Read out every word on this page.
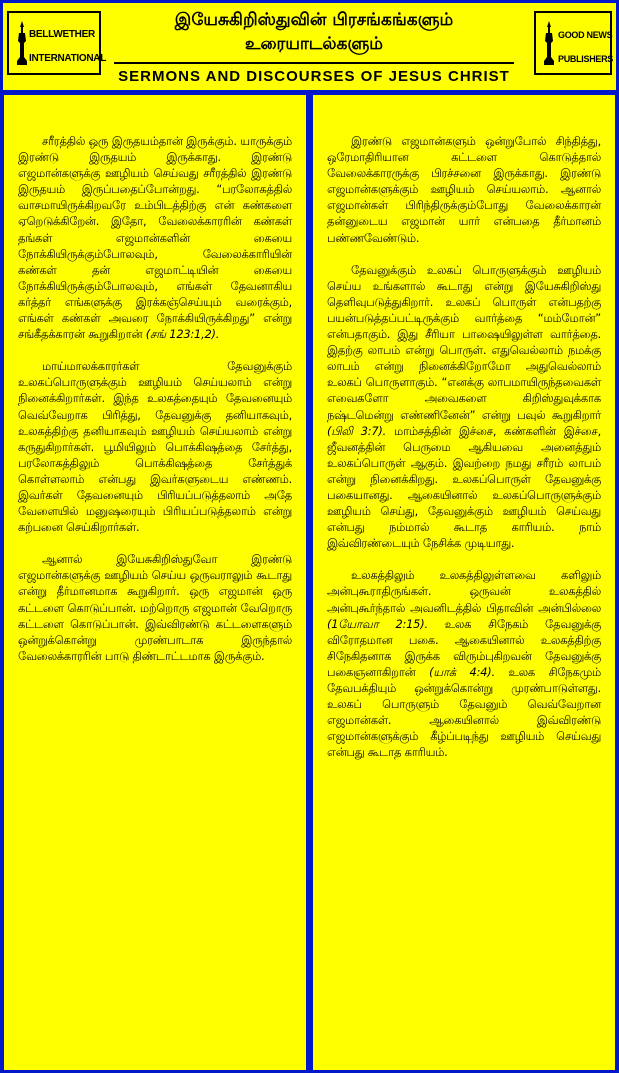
BELLWETHER
INTERNATIONAL

இயேசுகிறிஸ்துவின் பிரசங்கங்களும்

உரையாடல்களும்

SERMONS AND DISCOURSES OF JESUS CHRIST
GOOD NEWS
PUBLISHERS

சரீரத்தில் ஒரு இருதயம்தான் இருக்கும். யாருக்கும் இரண்டு இருதயம் இருக்காது. இரண்டு எஜமான்களுக்கு ஊழியம் செய்வது சரீரத்தில் இரண்டு இருதயம் இருப்பதைப்போன்றது. “பரலோகத்தில் வாசமாயிருக்கிறவரே உம்பிடத்திற்கு என் கண்களை ஏறெடுக்கிறேன். இதோ, வேலைக்காரரின் கண்கள் தங்கள் எஜமான்களின் கையை நோக்கியிருக்கும்போலவும், வேலைக்காரியின் கண்கள் தன் எஜமாட்டியின் கையை நோக்கியிருக்கும்போலவும், எங்கள் தேவனாகிய கர்த்தர் எங்களுக்கு இரக்கஞ்செய்யும் வரைக்கும், எங்கள் கண்கள் அவரை நோக்கியிருக்கிறது” என்று சங்கீதக்காரன் கூறுகிறான் (சங் 123:1,2).

மாய்மாலக்காரர்கள் தேவனுக்கும் உலகப்பொருளுக்கும் ஊழியம் செய்யலாம் என்று நினைக்கிறார்கள். இந்த உலகத்தையும் தேவனையும் வெவ்வேறாக பிரித்து, தேவனுக்கு தனியாகவும், உலகத்திற்கு தனியாகவும் ஊழியம் செய்யலாம் என்று கருதுகிறார்கள். பூமியிலும் பொக்கிஷத்தை சேர்த்து, பரலோகத்திலும் பொக்கிஷத்தை சேர்த்துக் கொள்ளலாம் என்பது இவர்களுடைய எண்ணம். இவர்கள் தேவனையும் பிரியப்படுத்தலாம் அதே வேளையில் மனுஷரையும் பிரியப்படுத்தலாம் என்று கற்பனை செய்கிறார்கள்.

ஆனால் இயேசுகிறிஸ்துவோ இரண்டு எஜமான்களுக்கு ஊழியம் செய்ய ஒருவராலும் கூடாது என்று தீர்மானமாக கூறுகிறார். ஒரு எஜமான் ஒரு கட்டளை கொடுப்பான். மற்றொரு எஜமான் வேறொரு கட்டளை கொடுப்பான். இவ்விரண்டு கட்டளைகளும் ஒன்றுக்கொன்று முரண்பாடாக இருந்தால் வேலைக்காரரின் பாடு திண்டாட்டமாக இருக்கும்.

இரண்டு எஜமான்களும் ஒன்றுபோல் சிந்தித்து, ஒரேமாதிரியான கட்டளை கொடுத்தால் வேலைக்காரருக்கு பிரச்சனை இருக்காது. இரண்டு எஜமான்களுக்கும் ஊழியம் செய்யலாம். ஆனால் எஜமான்கள் பிரிந்திருக்கும்போது வேலைக்காரன் தன்னுடைய எஜமான் யார் என்பதை தீர்மானம் பண்ணவேண்டும்.

தேவனுக்கும் உலகப் பொருளுக்கும் ஊழியம் செய்ய உங்களால் கூடாது என்று இயேசுகிறிஸ்து தெளிவுபடுத்துகிறார். உலகப் பொருள் என்பதற்கு பயன்படுத்தப்பட்டிருக்கும் வார்த்தை “மம்மோன்” என்பதாகும். இது சீரியா பாஷையிலுள்ள வார்த்தை. இதற்கு லாபம் என்று பொருள். எதுவெல்லாம் நமக்கு லாபம் என்று நினைக்கிறோமோ அதுவெல்லாம் உலகப் பொருளாகும். “எனக்கு லாபமாயிருந்தவைகள் எவைகளோ அவைகளை கிறிஸ்துவுக்காக நஷ்டமென்று எண்ணினேன்” என்று பவுல் கூறுகிறார் (பிலி 3:7). மாம்சத்தின் இச்சை, கண்களின் இச்சை, ஜீவனத்தின் பெருமை ஆகியவை அனைத்தும் உலகப்பொருள் ஆகும். இவற்றை நமது சரீரம் லாபம் என்று நினைக்கிறது. உலகப்பொருள் தேவனுக்கு பகையானது. ஆகையினால் உலகப்பொருளுக்கும் ஊழியம் செய்து, தேவனுக்கும் ஊழியம் செய்வது என்பது நம்மால் கூடாத காரியம். நாம் இவ்விரண்டையும் நேசிக்க முடியாது.

உலகத்திலும் உலகத்திலுள்ளவை களிலும் அன்புகூராதிருங்கள். ஒருவன் உலகத்தில் அன்புகூர்ந்தால் அவனிடத்தில் பிதாவின் அன்பில்லை (1யோவா 2:15). உலக சிநேகம் தேவனுக்கு விரோதமான பகை. ஆகையினால் உலகத்திற்கு சிநேகிதனாக இருக்க விரும்புகிறவன் தேவனுக்கு பகைஞனாகிறான் (யாக் 4:4). உலக சிநேகமும் தேவபக்தியும் ஒன்றுக்கொன்று முரண்பாடுள்ளது. உலகப் பொருளும் தேவனும் வெவ்வேறான எஜமான்கள். ஆகையினால் இவ்விரண்டு எஜமான்களுக்கும் கீழ்ப்படிந்து ஊழியம் செய்வது என்பது கூடாத காரியம்.
